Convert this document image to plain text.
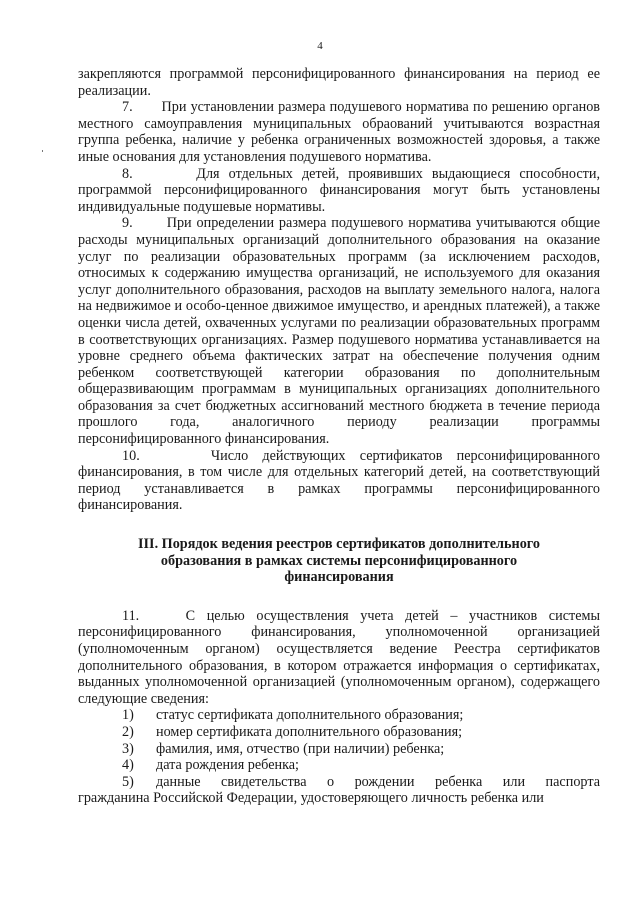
4

закрепляются программой персонифицированного финансирования на период ее реализации.

7.       При установлении размера подушевого норматива по решению органов местного самоуправления муниципальных обраований учитываются возрастная группа ребенка, наличие у ребенка ограниченных возможностей здоровья, а также иные основания для установления подушевого норматива.

8.       Для отдельных детей, проявивших выдающиеся способности, программой персонифицированного финансирования могут быть установлены индивидуальные подушевые нормативы.

9.       При определении размера подушевого норматива учитываются общие расходы муниципальных организаций дополнительного образования на оказание услуг по реализации образовательных программ (за исключением расходов, относимых к содержанию имущества организаций, не используемого для оказания услуг дополнительного образования, расходов на выплату земельного налога, налога на недвижимое и особо-ценное движимое имущество, и арендных платежей), а также оценки числа детей, охваченных услугами по реализации образовательных программ в соответствующих организациях. Размер подушевого норматива устанавливается на уровне среднего объема фактических затрат на обеспечение получения одним ребенком соответствующей категории образования по дополнительным общеразвивающим программам в муниципальных организациях дополнительного образования за счет бюджетных ассигнований местного бюджета в течение периода прошлого года, аналогичного периоду реализации программы персонифицированного финансирования.

10.     Число действующих сертификатов персонифицированного финансирования, в том числе для отдельных категорий детей, на соответствующий период устанавливается в рамках программы персонифицированного финансирования.

III. Порядок ведения реестров сертификатов дополнительного образования в рамках системы персонифицированного финансирования

11.    С целью осуществления учета детей – участников системы персонифицированного финансирования, уполномоченной организацией (уполномоченным органом) осуществляется ведение Реестра сертификатов дополнительного образования, в котором отражается информация о сертификатах, выданных уполномоченной организацией (уполномоченным органом), содержащего следующие сведения:

1)	статус сертификата дополнительного образования;
2)	номер сертификата дополнительного образования;
3)	фамилия, имя, отчество (при наличии) ребенка;
4)	дата рождения ребенка;
5)	данные свидетельства о рождении ребенка или паспорта

гражданина Российской Федерации, удостоверяющего личность ребенка или
